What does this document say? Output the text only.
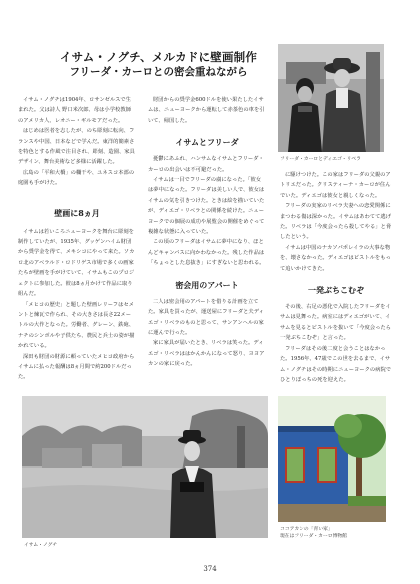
イサム・ノグチ、メルカドに壁画制作
フリーダ・カーロとの密会重ねながら
フリーダ・カーロとディエゴ・リベラ

イサム・ノグチは1904年、ロサンゼルスで生まれた。父は詩人 野口米次郎、母は小学校教師のアメリカ人、レオニー・ギルモアだった。

はじめは医者を志したが、のち彫刻に転向、フランスや中国、日本などで学んだ。東洋的簡素さを特色とする作風で注目され、彫刻、造園、家具デザイン、舞台美術など多様に活躍した。

広島の「平和大橋」の欄干や、ユネスコ本部の庭園も手がけた。

壁画に8ヵ月

イサムは若いころニューヨークを舞台に彫刻を制作していたが、1935年、グッゲンハイム財団から奨学金を得て、メキシコにやって来た。ソカロ北のアベラルド・ロドリゲス市場で多くの画家たちが壁画を手がけていて、イサムもこのプロジェクトに参加した。彼は8ヵ月かけて作品に取り組んだ。

「メヒコの歴史」と題した壁画レリーフはセメントと煉瓦で作られ、その大きさは長さ22メートルの大作となった。労働者、グレーン、鉄砲、ナチのシンボルや子供たち、農民と兵士の姿が描かれている。

深田も財団の財源に頼っていたメヒコ政府からイサムに払った報酬は8ヵ月間で約200ドルだった。

財団からの奨学金600ドルを使い果たしたイサムは、ニューヨークから運転して赤茶色の車を引いて、帰国した。

イサムとフリーダ

憂鬱にあふれ、ハンサムなイサムとフリーダ・カーロの出会いは不可避だった。

イサムは一目でフリーダの虜になった。「彼女は夢中になった。フリーダは美しい人で、彼女はイサムの気を引きつけた。ときは絵を描いていたが、ディエゴ・リベラとの関係を続けた。ニューヨークでの個展の成功や展覧会の開催をめぐって複雑な状態に入っていた。

この頃のフリーダはイサムに夢中になり、ほとんどキャンバスに向かわなかった。残した作品は「ちょっとした息抜き」にすぎないと思われる。

密会用のアパート

二人は密会用のアパートを借りる計画を立てた。家具を買ったが、運送屋にフリーダと夫ディエゴ・リベラのものと思って、サンアンヘルの家に運んで行った。

家に家具が届いたとき、リベラは笑った。ディエゴ・リベラははかんかんになって怒り、ヨヨアカンの家に戻った。

に駆けつけた。この家はフリーダの父親のアトリエだった。クリスティーナ・カーロが住んでいた。ディエゴは彼女と親しくなった。

フリーダの実家のリベラ夫妻への恋愛関係にまつわる傷は深かった。イサムはあわてて逃げた。リベラは「今度会ったら殺してやる」と脅したという。

イサムは中国のナカソパポレイラの大事な物を、壊さなかった。ディエゴはピストルをもって追いかけてきた。

一発ぶちこむぞ

その後、右足の悪化で入院したフリーダをイサムは見舞った。病室にはディエゴがいて、イサムを見るとピストルを抜いて「今度会ったら一発ぶちこむぞ」と言った。

フリーダはその後二度と会うことはなかった。1956年、47歳でこの世を去るまで、イサム・ノグチはその時期にニューヨークの病院でひとりぼっちの死を迎えた。

イサム・ノグチ
ココアカンの「青い家」
現在はフリーダ・カーロ博物館
374
